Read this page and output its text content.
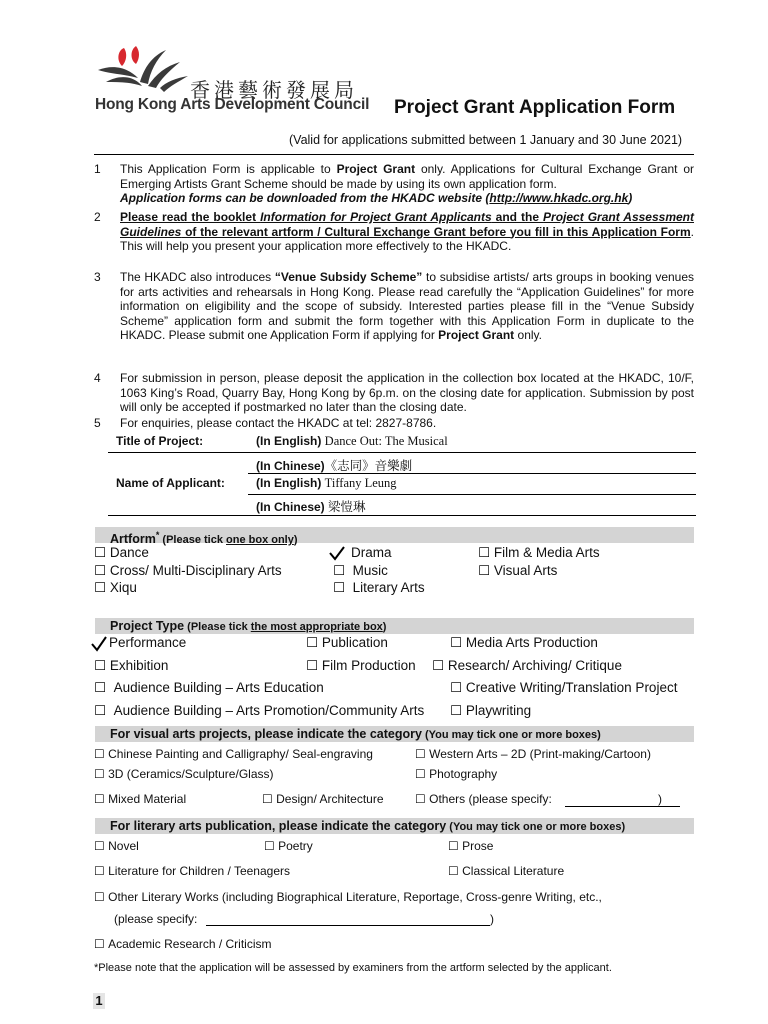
香港藝術發展局
Hong Kong Arts Development Council Project Grant Application Form
(Valid for applications submitted between 1 January and 30 June 2021)
1 This Application Form is applicable to Project Grant only. Applications for Cultural Exchange Grant or Emerging Artists Grant Scheme should be made by using its own application form.
Application forms can be downloaded from the HKADC website (http://www.hkadc.org.hk)
2 Please read the booklet Information for Project Grant Applicants and the Project Grant Assessment Guidelines of the relevant artform / Cultural Exchange Grant before you fill in this Application Form. This will help you present your application more effectively to the HKADC.
3 The HKADC also introduces “Venue Subsidy Scheme” to subsidise artists/ arts groups in booking venues for arts activities and rehearsals in Hong Kong. Please read carefully the “Application Guidelines” for more information on eligibility and the scope of subsidy. Interested parties please fill in the “Venue Subsidy Scheme” application form and submit the form together with this Application Form in duplicate to the HKADC. Please submit one Application Form if applying for Project Grant only.
4 For submission in person, please deposit the application in the collection box located at the HKADC, 10/F, 1063 King’s Road, Quarry Bay, Hong Kong by 6p.m. on the closing date for application. Submission by post will only be accepted if postmarked no later than the closing date.
5 For enquiries, please contact the HKADC at tel: 2827-8786.
Title of Project:	(In English) Dance Out: The Musical
(In Chinese)《志同》音樂劇
Name of Applicant:	(In English) Tiffany Leung
(In Chinese) 梁愷琳
Artform* (Please tick one box only)
☐ Dance	Drama	☐ Film & Media Arts
☐ Cross/ Multi-Disciplinary Arts	☐ Music	☐ Visual Arts
☐ Xiqu	☐ Literary Arts
Project Type (Please tick the most appropriate box)
Performance	☐ Publication	☐ Media Arts Production
☐ Exhibition	☐ Film Production ☐ Research/ Archiving/ Critique
☐ Audience Building – Arts Education	☐ Creative Writing/Translation Project
☐ Audience Building – Arts Promotion/Community Arts ☐ Playwriting
For visual arts projects, please indicate the category (You may tick one or more boxes)
☐ Chinese Painting and Calligraphy/ Seal-engraving	☐ Western Arts – 2D (Print-making/Cartoon)
☐ 3D (Ceramics/Sculpture/Glass)	☐ Photography
☐ Mixed Material	☐ Design/ Architecture	☐ Others (please specify:	)
For literary arts publication, please indicate the category (You may tick one or more boxes)
☐ Novel	☐ Poetry	☐ Prose
☐ Literature for Children / Teenagers	☐ Classical Literature
☐ Other Literary Works (including Biographical Literature, Reportage, Cross-genre Writing, etc.,
(please specify:	)
☐ Academic Research / Criticism
*Please note that the application will be assessed by examiners from the artform selected by the applicant.
1
